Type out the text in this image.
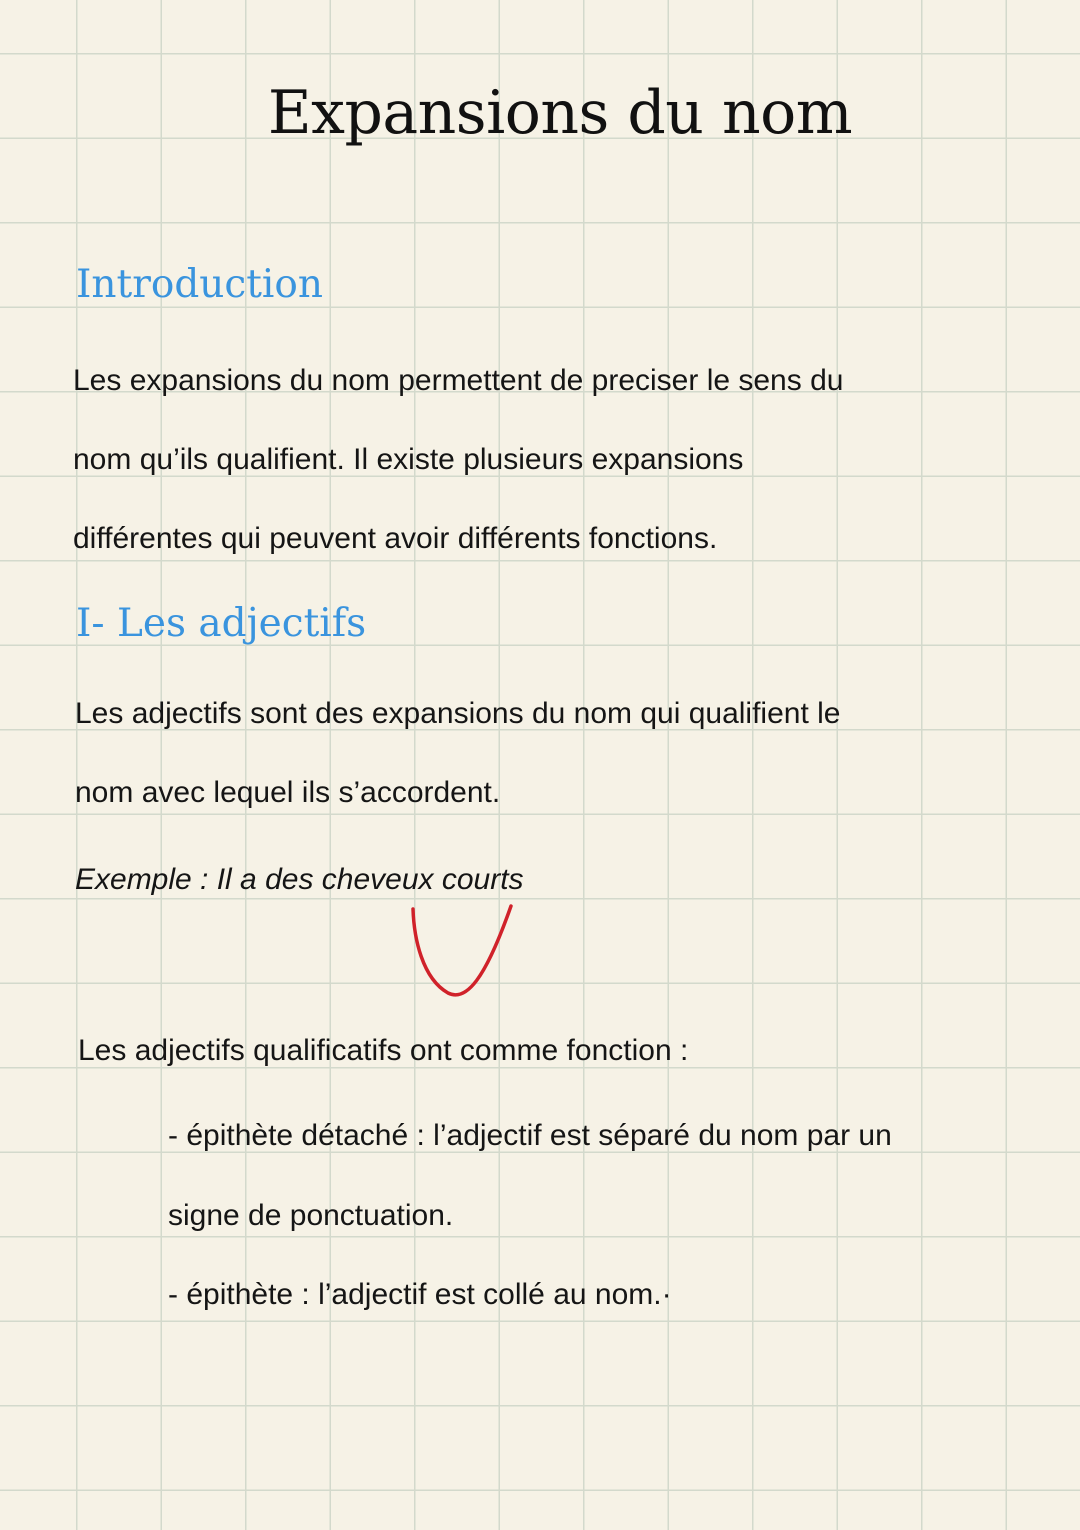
Expansions du nom
Introduction
Les expansions du nom permettent de preciser le sens du
nom qu’ils qualifient. Il existe plusieurs expansions
différentes qui peuvent avoir différents fonctions.
I- Les adjectifs
Les adjectifs sont des expansions du nom qui qualifient le
nom avec lequel ils s’accordent.
Exemple : Il a des cheveux courts
Les adjectifs qualificatifs ont comme fonction :
- épithète détaché : l’adjectif est séparé du nom par un
signe de ponctuation.
- épithète : l’adjectif est collé au nom.·
